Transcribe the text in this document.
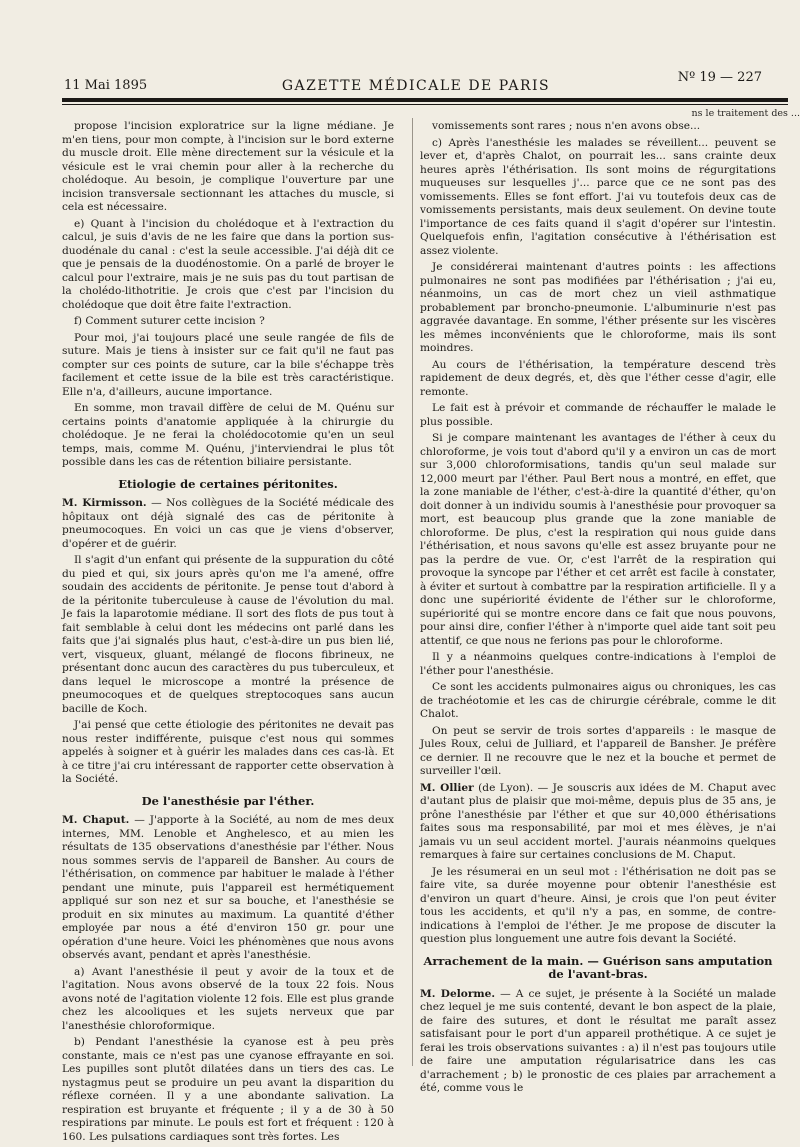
11 Mai 1895	GAZETTE MÉDICALE DE PARIS
Nº 19 — 227
ns le traitement des ...

propose l'incision exploratrice sur la ligne médiane. Je m'en tiens, pour mon compte, à l'incision sur le bord externe du muscle droit. Elle mène directement sur la vésicule et la vésicule est le vrai chemin pour aller à la recherche du cholédoque. Au besoin, je complique l'ouverture par une incision transversale sectionnant les attaches du muscle, si cela est nécessaire.

e) Quant à l'incision du cholédoque et à l'extraction du calcul, je suis d'avis de ne les faire que dans la portion sus-duodénale du canal : c'est la seule accessible. J'ai déjà dit ce que je pensais de la duodénostomie. On a parlé de broyer le calcul pour l'extraire, mais je ne suis pas du tout partisan de la cholédo-lithotritie. Je crois que c'est par l'incision du cholédoque que doit être faite l'extraction.

f) Comment suturer cette incision ?

Pour moi, j'ai toujours placé une seule rangée de fils de suture. Mais je tiens à insister sur ce fait qu'il ne faut pas compter sur ces points de suture, car la bile s'échappe très facilement et cette issue de la bile est très caractéristique. Elle n'a, d'ailleurs, aucune importance.

En somme, mon travail diffère de celui de M. Quénu sur certains points d'anatomie appliquée à la chirurgie du cholédoque. Je ne ferai la cholédocotomie qu'en un seul temps, mais, comme M. Quénu, j'interviendrai le plus tôt possible dans les cas de rétention biliaire persistante.

Etiologie de certaines péritonites.

M. Kirmisson. — Nos collègues de la Société médicale des hôpitaux ont déjà signalé des cas de péritonite à pneumocoques. En voici un cas que je viens d'observer, d'opérer et de guérir.

Il s'agit d'un enfant qui présente de la suppuration du côté du pied et qui, six jours après qu'on me l'a amené, offre soudain des accidents de péritonite. Je pense tout d'abord à de la péritonite tuberculeuse à cause de l'évolution du mal. Je fais la laparotomie médiane. Il sort des flots de pus tout à fait semblable à celui dont les médecins ont parlé dans les faits que j'ai signalés plus haut, c'est-à-dire un pus bien lié, vert, visqueux, gluant, mélangé de flocons fibrineux, ne présentant donc aucun des caractères du pus tuberculeux, et dans lequel le microscope a montré la présence de pneumocoques et de quelques streptocoques sans aucun bacille de Koch.

J'ai pensé que cette étiologie des péritonites ne devait pas nous rester indifférente, puisque c'est nous qui sommes appelés à soigner et à guérir les malades dans ces cas-là. Et à ce titre j'ai cru intéressant de rapporter cette observation à la Société.

De l'anesthésie par l'éther.

M. Chaput. — J'apporte à la Société, au nom de mes deux internes, MM. Lenoble et Anghelesco, et au mien les résultats de 135 observations d'anesthésie par l'éther. Nous nous sommes servis de l'appareil de Bansher. Au cours de l'éthérisation, on commence par habituer le malade à l'éther pendant une minute, puis l'appareil est hermétiquement appliqué sur son nez et sur sa bouche, et l'anesthésie se produit en six minutes au maximum. La quantité d'éther employée par nous a été d'environ 150 gr. pour une opération d'une heure. Voici les phénomènes que nous avons observés avant, pendant et après l'anesthésie.

a) Avant l'anesthésie il peut y avoir de la toux et de l'agitation. Nous avons observé de la toux 22 fois. Nous avons noté de l'agitation violente 12 fois. Elle est plus grande chez les alcooliques et les sujets nerveux que par l'anesthésie chloroformique.

b) Pendant l'anesthésie la cyanose est à peu près constante, mais ce n'est pas une cyanose effrayante en soi. Les pupilles sont plutôt dilatées dans un tiers des cas. Le nystagmus peut se produire un peu avant la disparition du réflexe cornéen. Il y a une abondante salivation. La respiration est bruyante et fréquente ; il y a de 30 à 50 respirations par minute. Le pouls est fort et fréquent : 120 à 160. Les pulsations cardiaques sont très fortes. Les

vomissements sont rares ; nous n'en avons obse...

c) Après l'anesthésie les malades se réveillent... peuvent se lever et, d'après Chalot, on pourrait les... sans crainte deux heures après l'éthérisation. Ils sont moins de régurgitations muqueuses sur lesquelles j'... parce que ce ne sont pas des vomissements. Elles se font effort. J'ai vu toutefois deux cas de vomissements persistants, mais deux seulement. On devine toute l'importance de ces faits quand il s'agit d'opérer sur l'intestin. Quelquefois enfin, l'agitation consécutive à l'éthérisation est assez violente.

Je considérerai maintenant d'autres points : les affections pulmonaires ne sont pas modifiées par l'éthérisation ; j'ai eu, néanmoins, un cas de mort chez un vieil asthmatique probablement par broncho-pneumonie. L'albuminurie n'est pas aggravée davantage. En somme, l'éther présente sur les viscères les mêmes inconvénients que le chloroforme, mais ils sont moindres.

Au cours de l'éthérisation, la température descend très rapidement de deux degrés, et, dès que l'éther cesse d'agir, elle remonte.

Le fait est à prévoir et commande de réchauffer le malade le plus possible.

Si je compare maintenant les avantages de l'éther à ceux du chloroforme, je vois tout d'abord qu'il y a environ un cas de mort sur 3,000 chloroformisations, tandis qu'un seul malade sur 12,000 meurt par l'éther. Paul Bert nous a montré, en effet, que la zone maniable de l'éther, c'est-à-dire la quantité d'éther, qu'on doit donner à un individu soumis à l'anesthésie pour provoquer sa mort, est beaucoup plus grande que la zone maniable de chloroforme. De plus, c'est la respiration qui nous guide dans l'éthérisation, et nous savons qu'elle est assez bruyante pour ne pas la perdre de vue. Or, c'est l'arrêt de la respiration qui provoque la syncope par l'éther et cet arrêt est facile à constater, à éviter et surtout à combattre par la respiration artificielle. Il y a donc une supériorité évidente de l'éther sur le chloroforme, supériorité qui se montre encore dans ce fait que nous pouvons, pour ainsi dire, confier l'éther à n'importe quel aide tant soit peu attentif, ce que nous ne ferions pas pour le chloroforme.

Il y a néanmoins quelques contre-indications à l'emploi de l'éther pour l'anesthésie.

Ce sont les accidents pulmonaires aigus ou chroniques, les cas de trachéotomie et les cas de chirurgie cérébrale, comme le dit Chalot.

On peut se servir de trois sortes d'appareils : le masque de Jules Roux, celui de Julliard, et l'appareil de Bansher. Je préfère ce dernier. Il ne recouvre que le nez et la bouche et permet de surveiller l'œil.

M. Ollier (de Lyon). — Je souscris aux idées de M. Chaput avec d'autant plus de plaisir que moi-même, depuis plus de 35 ans, je prône l'anesthésie par l'éther et que sur 40,000 éthérisations faites sous ma responsabilité, par moi et mes élèves, je n'ai jamais vu un seul accident mortel. J'aurais néanmoins quelques remarques à faire sur certaines conclusions de M. Chaput.

Je les résumerai en un seul mot : l'éthérisation ne doit pas se faire vite, sa durée moyenne pour obtenir l'anesthésie est d'environ un quart d'heure. Ainsi, je crois que l'on peut éviter tous les accidents, et qu'il n'y a pas, en somme, de contre-indications à l'emploi de l'éther. Je me propose de discuter la question plus longuement une autre fois devant la Société.

Arrachement de la main. — Guérison sans amputation de l'avant-bras.

M. Delorme. — A ce sujet, je présente à la Société un malade chez lequel je me suis contenté, devant le bon aspect de la plaie, de faire des sutures, et dont le résultat me paraît assez satisfaisant pour le port d'un appareil prothétique. A ce sujet je ferai les trois observations suivantes : a) il n'est pas toujours utile de faire une amputation régularisatrice dans les cas d'arrachement ; b) le pronostic de ces plaies par arrachement a été, comme vous le
